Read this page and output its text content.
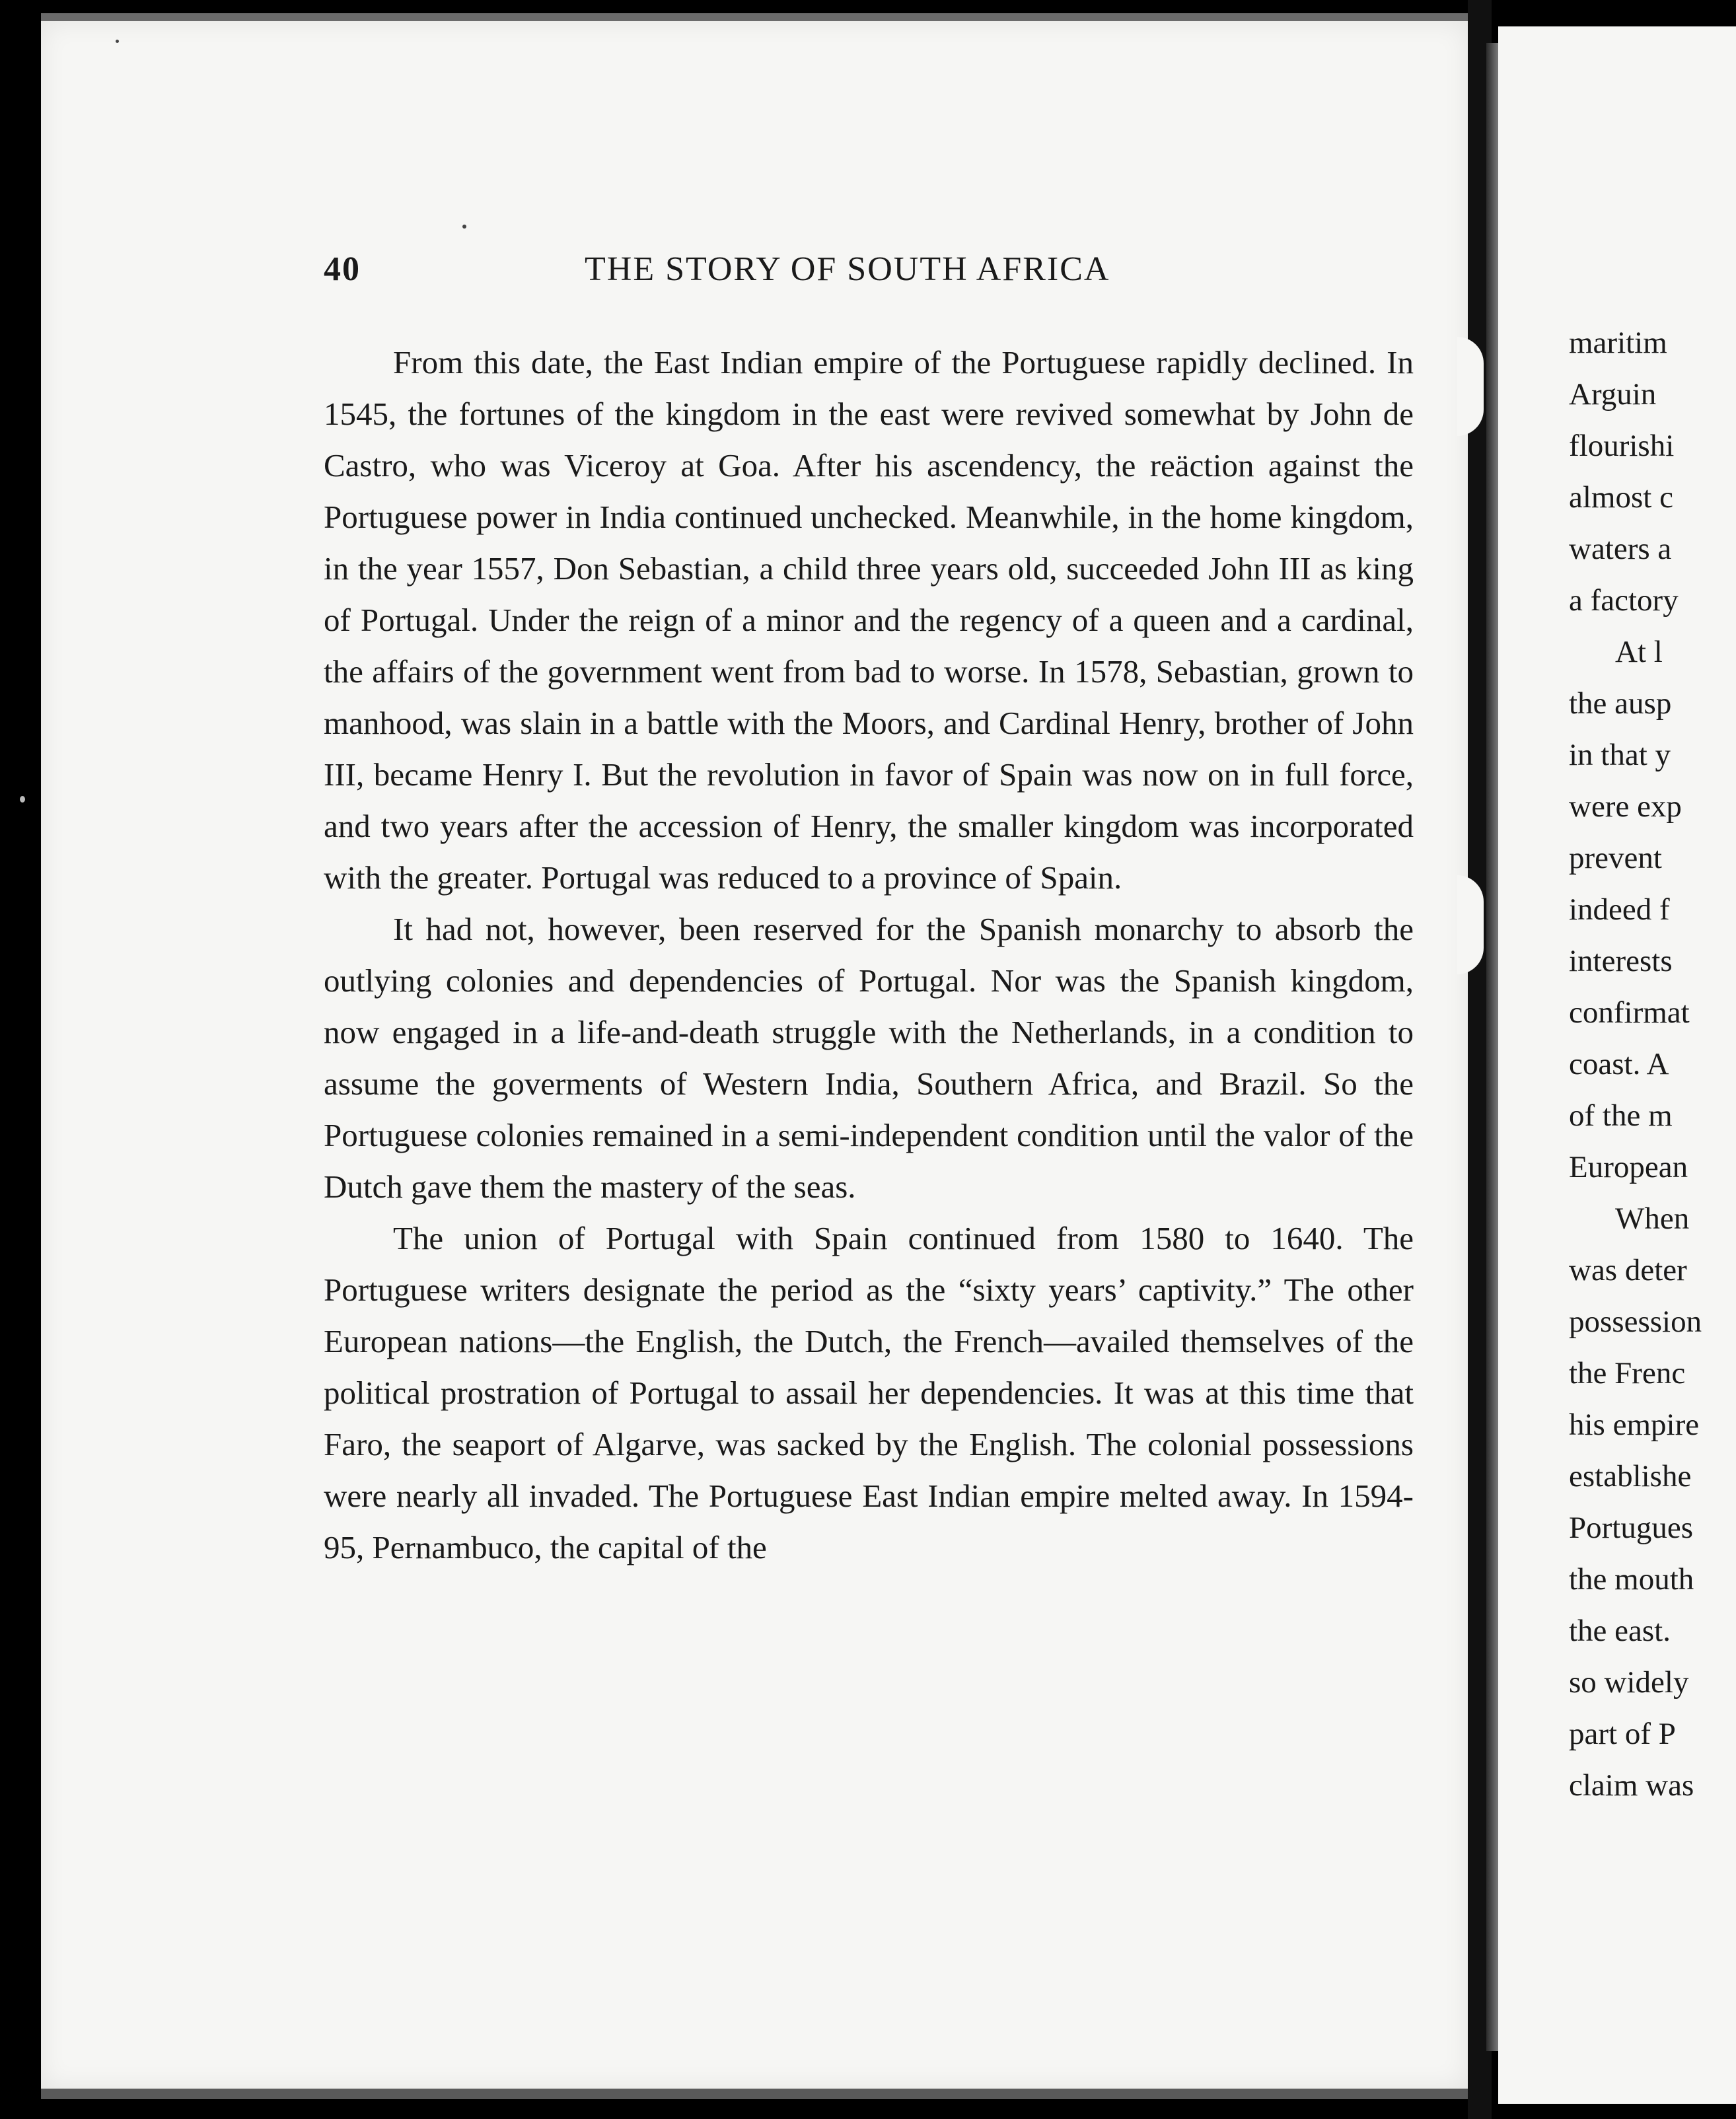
40	THE STORY OF SOUTH AFRICA

From this date, the East Indian empire of the Portuguese rapidly declined. In 1545, the fortunes of the kingdom in the east were revived somewhat by John de Castro, who was Viceroy at Goa. After his ascendency, the reäction against the Portuguese power in India continued unchecked. Meanwhile, in the home kingdom, in the year 1557, Don Sebastian, a child three years old, succeeded John III as king of Portugal. Under the reign of a minor and the regency of a queen and a cardinal, the affairs of the government went from bad to worse. In 1578, Sebastian, grown to manhood, was slain in a battle with the Moors, and Cardinal Henry, brother of John III, became Henry I. But the revolution in favor of Spain was now on in full force, and two years after the accession of Henry, the smaller kingdom was incorporated with the greater. Portugal was reduced to a province of Spain.

It had not, however, been reserved for the Spanish monarchy to absorb the outlying colonies and dependencies of Portugal. Nor was the Spanish kingdom, now engaged in a life-and-death struggle with the Netherlands, in a condition to assume the goverments of Western India, Southern Africa, and Brazil. So the Portuguese colonies remained in a semi-independent condition until the valor of the Dutch gave them the mastery of the seas.

The union of Portugal with Spain continued from 1580 to 1640. The Portuguese writers designate the period as the “sixty years’ captivity.” The other European nations—the English, the Dutch, the French—availed themselves of the political prostration of Portugal to assail her dependencies. It was at this time that Faro, the seaport of Algarve, was sacked by the English. The colonial possessions were nearly all invaded. The Portuguese East Indian empire melted away. In 1594-95, Pernambuco, the capital of the

maritim
Arguin
flourishi
almost c
waters a
a factory
At l
the ausp
in that y
were exp
prevent
indeed f
interests
confirmat
coast. A
of the m
European
When
was deter
possession
the Frenc
his empire
establishe
Portugues
the mouth
the east.
so widely
part of P
claim was
